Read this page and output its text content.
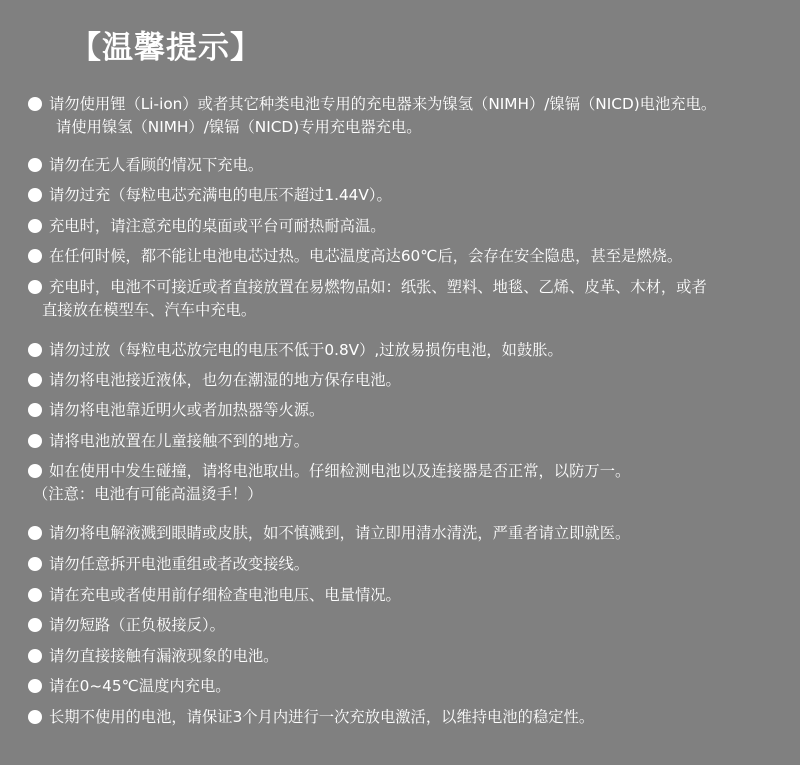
【温馨提示】
请勿使用锂（Li-ion）或者其它种类电池专用的充电器来为镍氢（NIMH）/镍镉（NICD)电池充电。
请使用镍氢（NIMH）/镍镉（NICD)专用充电器充电。
请勿在无人看顾的情况下充电。
请勿过充（每粒电芯充满电的电压不超过1.44V）。
充电时，请注意充电的桌面或平台可耐热耐高温。
在任何时候，都不能让电池电芯过热。电芯温度高达60℃后，会存在安全隐患，甚至是燃烧。
充电时，电池不可接近或者直接放置在易燃物品如：纸张、塑料、地毯、乙烯、皮革、木材，或者
直接放在模型车、汽车中充电。
请勿过放（每粒电芯放完电的电压不低于0.8V）,过放易损伤电池，如鼓胀。
请勿将电池接近液体，也勿在潮湿的地方保存电池。
请勿将电池靠近明火或者加热器等火源。
请将电池放置在儿童接触不到的地方。
如在使用中发生碰撞，请将电池取出。仔细检测电池以及连接器是否正常，以防万一。
（注意：电池有可能高温烫手！）
请勿将电解液溅到眼睛或皮肤，如不慎溅到，请立即用清水清洗，严重者请立即就医。
请勿任意拆开电池重组或者改变接线。
请在充电或者使用前仔细检查电池电压、电量情况。
请勿短路（正负极接反）。
请勿直接接触有漏液现象的电池。
请在0~45℃温度内充电。
长期不使用的电池，请保证3个月内进行一次充放电激活，以维持电池的稳定性。
